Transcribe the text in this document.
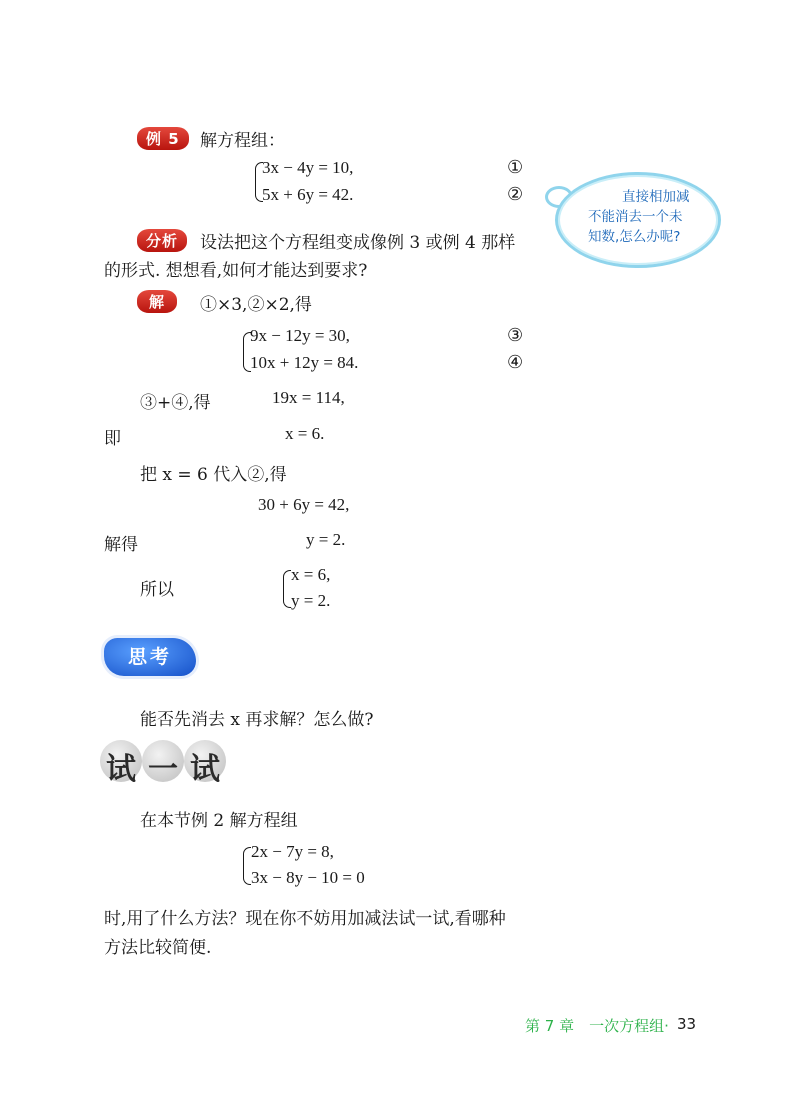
例 5	解方程组：
3x − 4y = 10,
5x + 6y = 42.
①
②	直接相加减
不能消去一个未
知数,怎么办呢?
分析	设法把这个方程组变成像例 3 或例 4 那样
的形式. 想想看,如何才能达到要求?
解	①×3,②×2,得
9x − 12y = 30,
10x + 12y = 84.
③
④
③+④,得	19x = 114,
即	x = 6.
把 x = 6 代入②,得
30 + 6y = 42,
解得	y = 2.
所以
x = 6,
y = 2.
思考
能否先消去 x 再求解？怎么做?
试 一 试
在本节例 2 解方程组
2x − 7y = 8,
3x − 8y − 10 = 0
时,用了什么方法？现在你不妨用加减法试一试,看哪种
方法比较简便.
第 7 章　一次方程组· 33
